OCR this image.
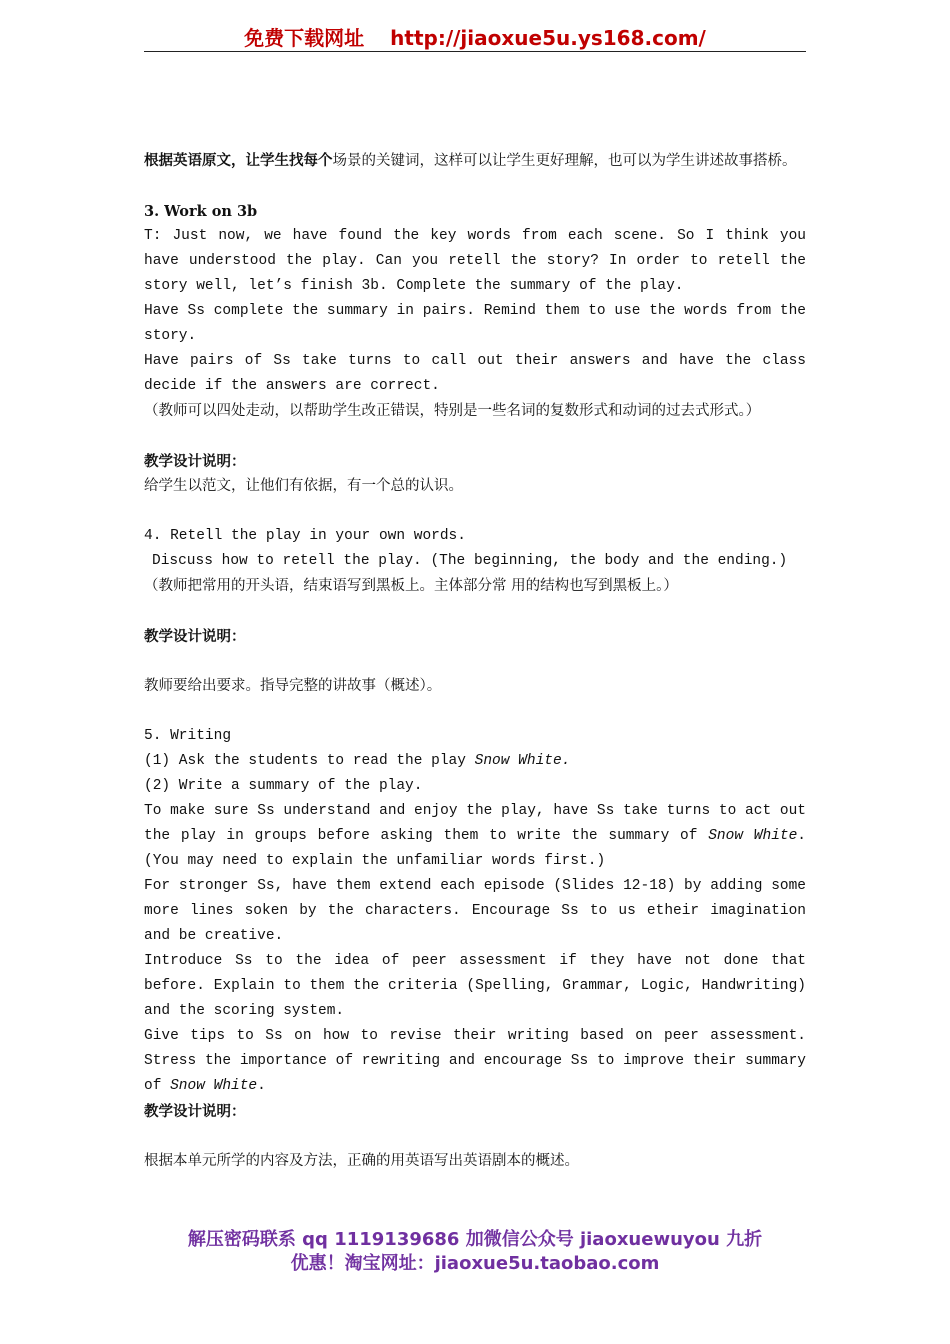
免费下载网址 http://jiaoxue5u.ys168.com/

根据英语原文，让学生找每个场景的关键词，这样可以让学生更好理解，也可以为学生讲述故事搭桥。

3. Work on 3b

T: Just now, we have found the key words from each scene. So I think you have understood the play. Can you retell the story? In order to retell the story well, let’s finish 3b. Complete the summary of the play.

Have Ss complete the summary in pairs. Remind them to use the words from the story.

Have pairs of Ss take turns to call out their answers and have the class decide if the answers are correct.

（教师可以四处走动，以帮助学生改正错误，特别是一些名词的复数形式和动词的过去式形式。）

教学设计说明：

给学生以范文，让他们有依据，有一个总的认识。

4. Retell the play in your own words.

Discuss how to retell the play. (The beginning, the body and the ending.)

（教师把常用的开头语，结束语写到黑板上。主体部分常 用的结构也写到黑板上。）

教学设计说明：

教师要给出要求。指导完整的讲故事（概述）。

5. Writing

(1) Ask the students to read the play Snow White.

(2) Write a summary of the play.

To make sure Ss understand and enjoy the play, have Ss take turns to act out the play in groups before asking them to write the summary of Snow White. (You may need to explain the unfamiliar words first.)

For stronger Ss, have them extend each episode (Slides 12-18) by adding some more lines soken by the characters. Encourage Ss to us etheir imagination and be creative.

Introduce Ss to the idea of peer assessment if they have not done that before. Explain to them the criteria (Spelling, Grammar, Logic, Handwriting) and the scoring system.

Give tips to Ss on how to revise their writing based on peer assessment. Stress the importance of rewriting and encourage Ss to improve their summary of Snow White.

教学设计说明：

根据本单元所学的内容及方法，正确的用英语写出英语剧本的概述。

解压密码联系 qq 1119139686 加微信公众号 jiaoxuewuyou 九折
优惠！淘宝网址：jiaoxue5u.taobao.com
